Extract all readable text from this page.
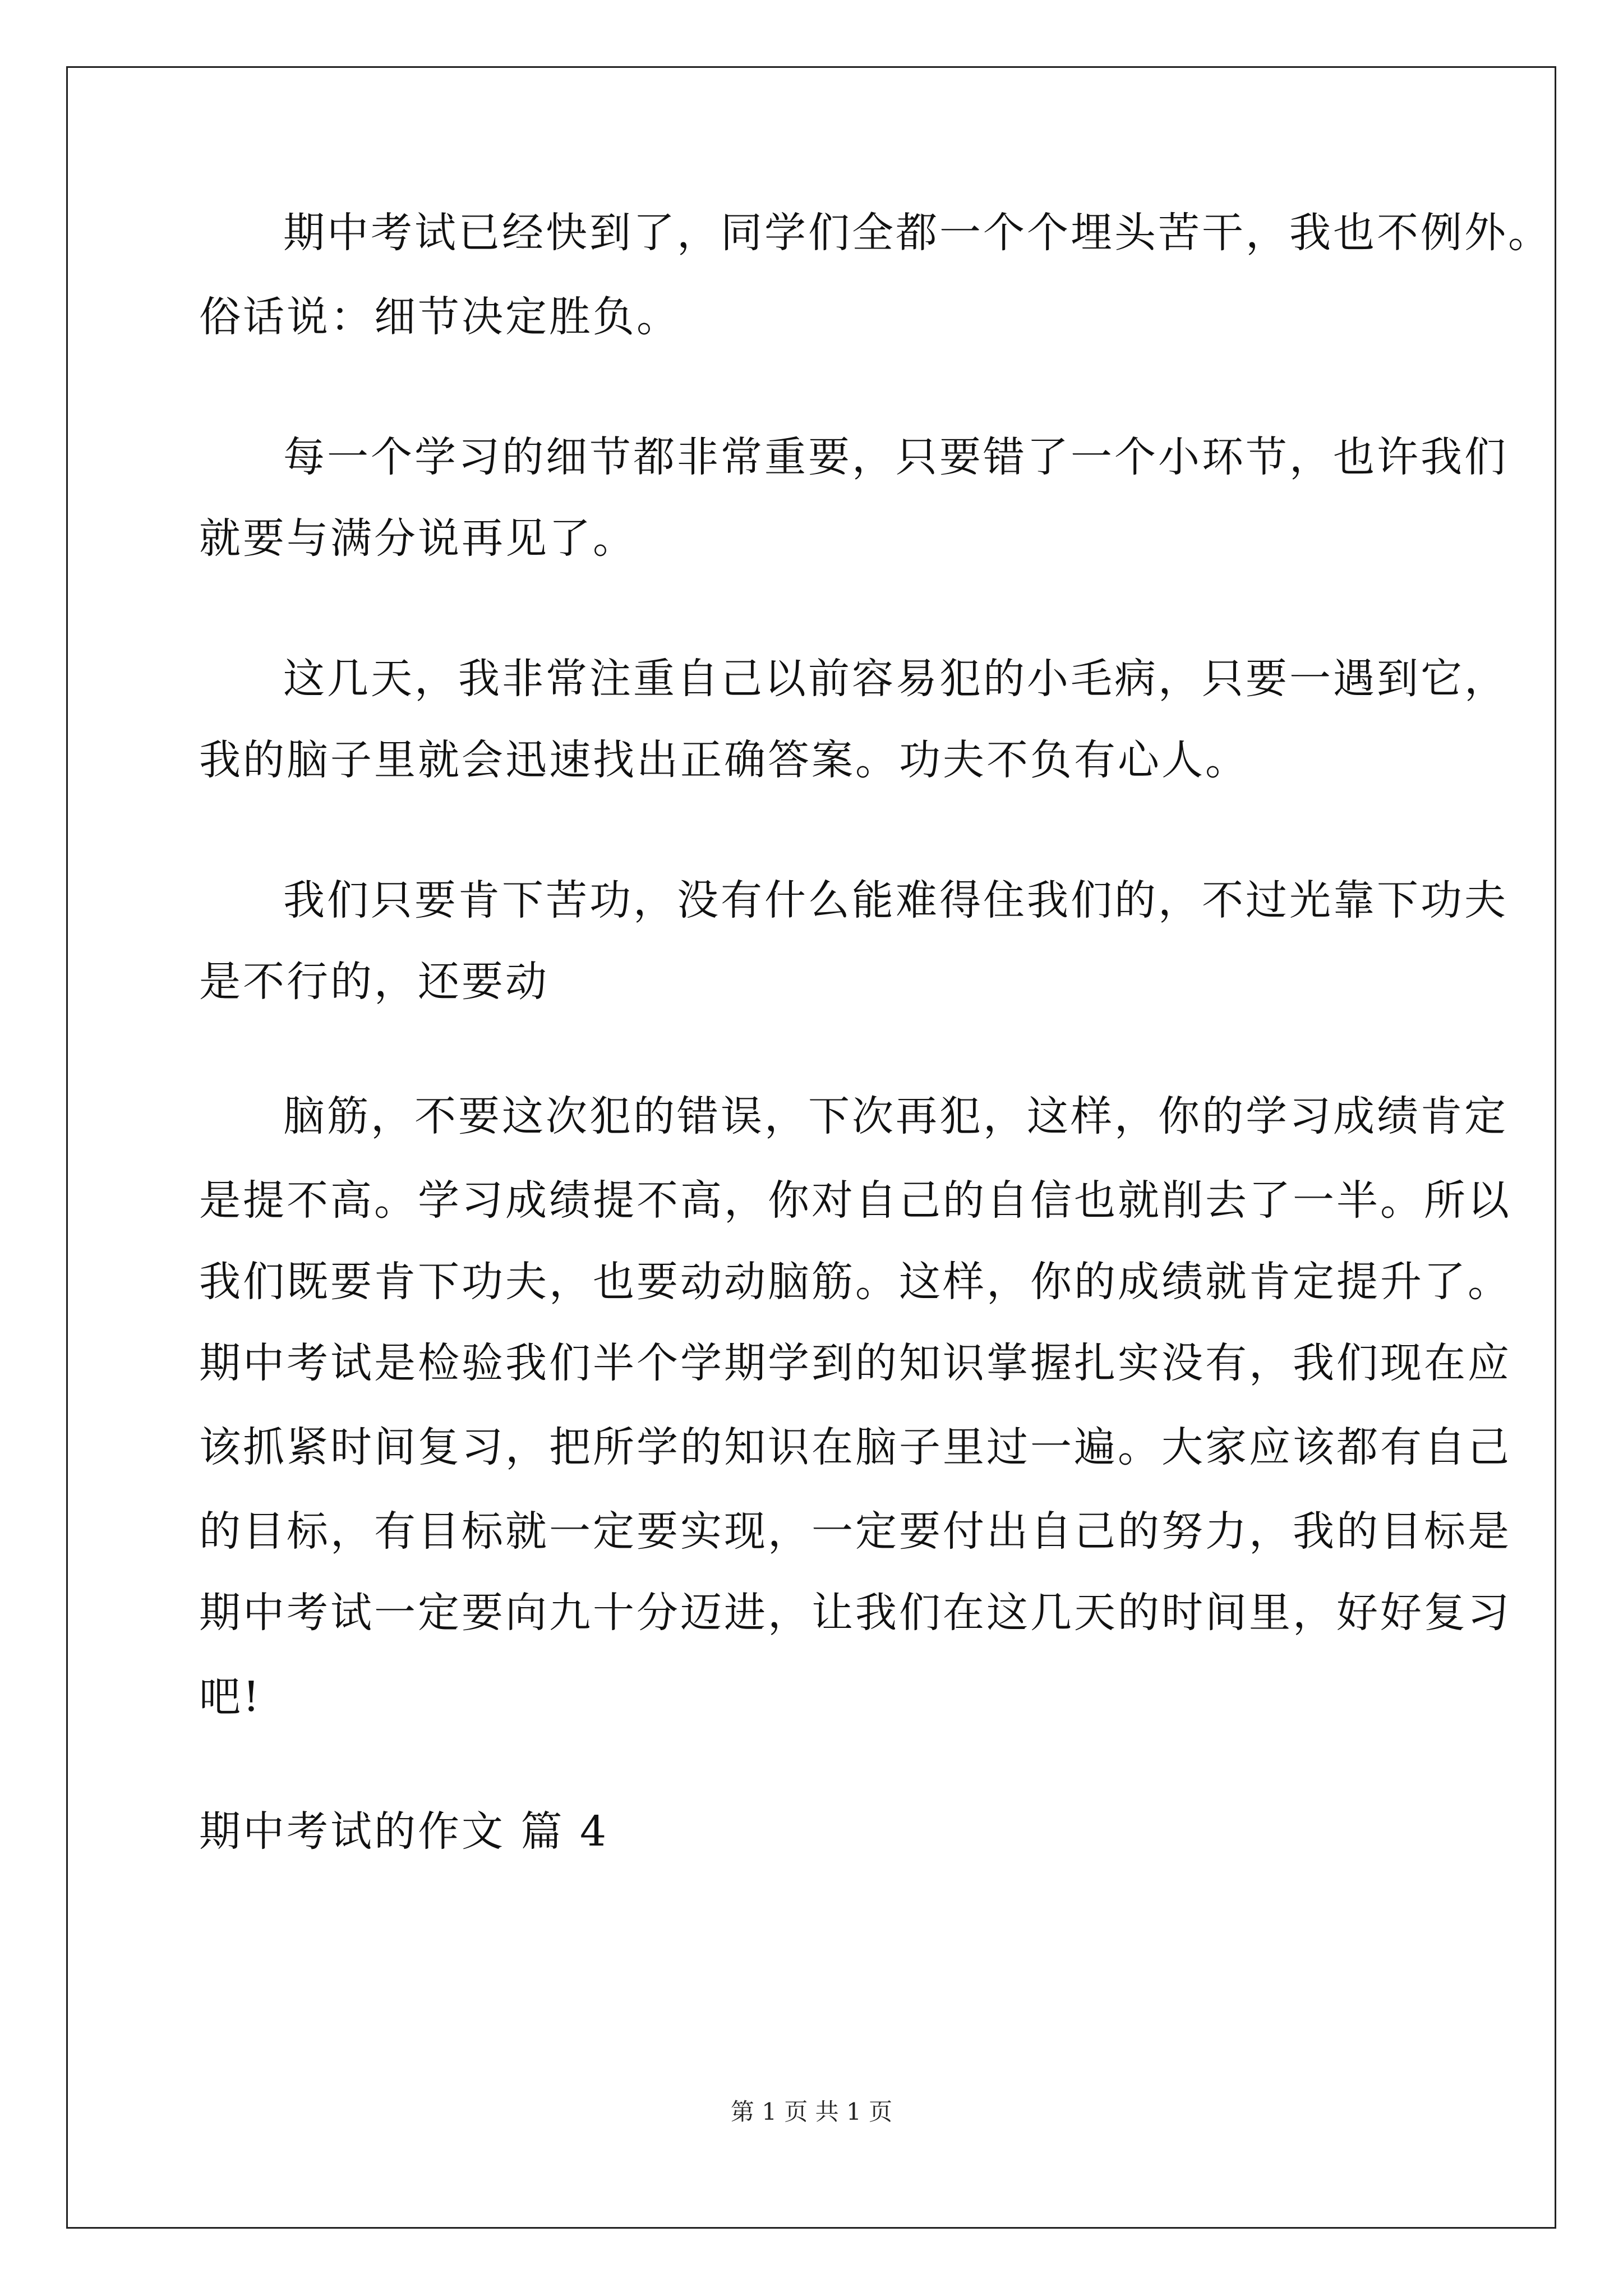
期中考试已经快到了，同学们全都一个个埋头苦干，我也不例外。
俗话说：细节决定胜负。
每一个学习的细节都非常重要，只要错了一个小环节，也许我们
就要与满分说再见了。
这几天，我非常注重自己以前容易犯的小毛病，只要一遇到它，
我的脑子里就会迅速找出正确答案。功夫不负有心人。
我们只要肯下苦功，没有什么能难得住我们的，不过光靠下功夫
是不行的，还要动
脑筋，不要这次犯的错误，下次再犯，这样，你的学习成绩肯定
是提不高。学习成绩提不高，你对自己的自信也就削去了一半。所以
我们既要肯下功夫，也要动动脑筋。这样，你的成绩就肯定提升了。
期中考试是检验我们半个学期学到的知识掌握扎实没有，我们现在应
该抓紧时间复习，把所学的知识在脑子里过一遍。大家应该都有自己
的目标，有目标就一定要实现，一定要付出自己的努力，我的目标是
期中考试一定要向九十分迈进，让我们在这几天的时间里，好好复习
吧!
期中考试的作文 篇 4
第 1 页 共 1 页
